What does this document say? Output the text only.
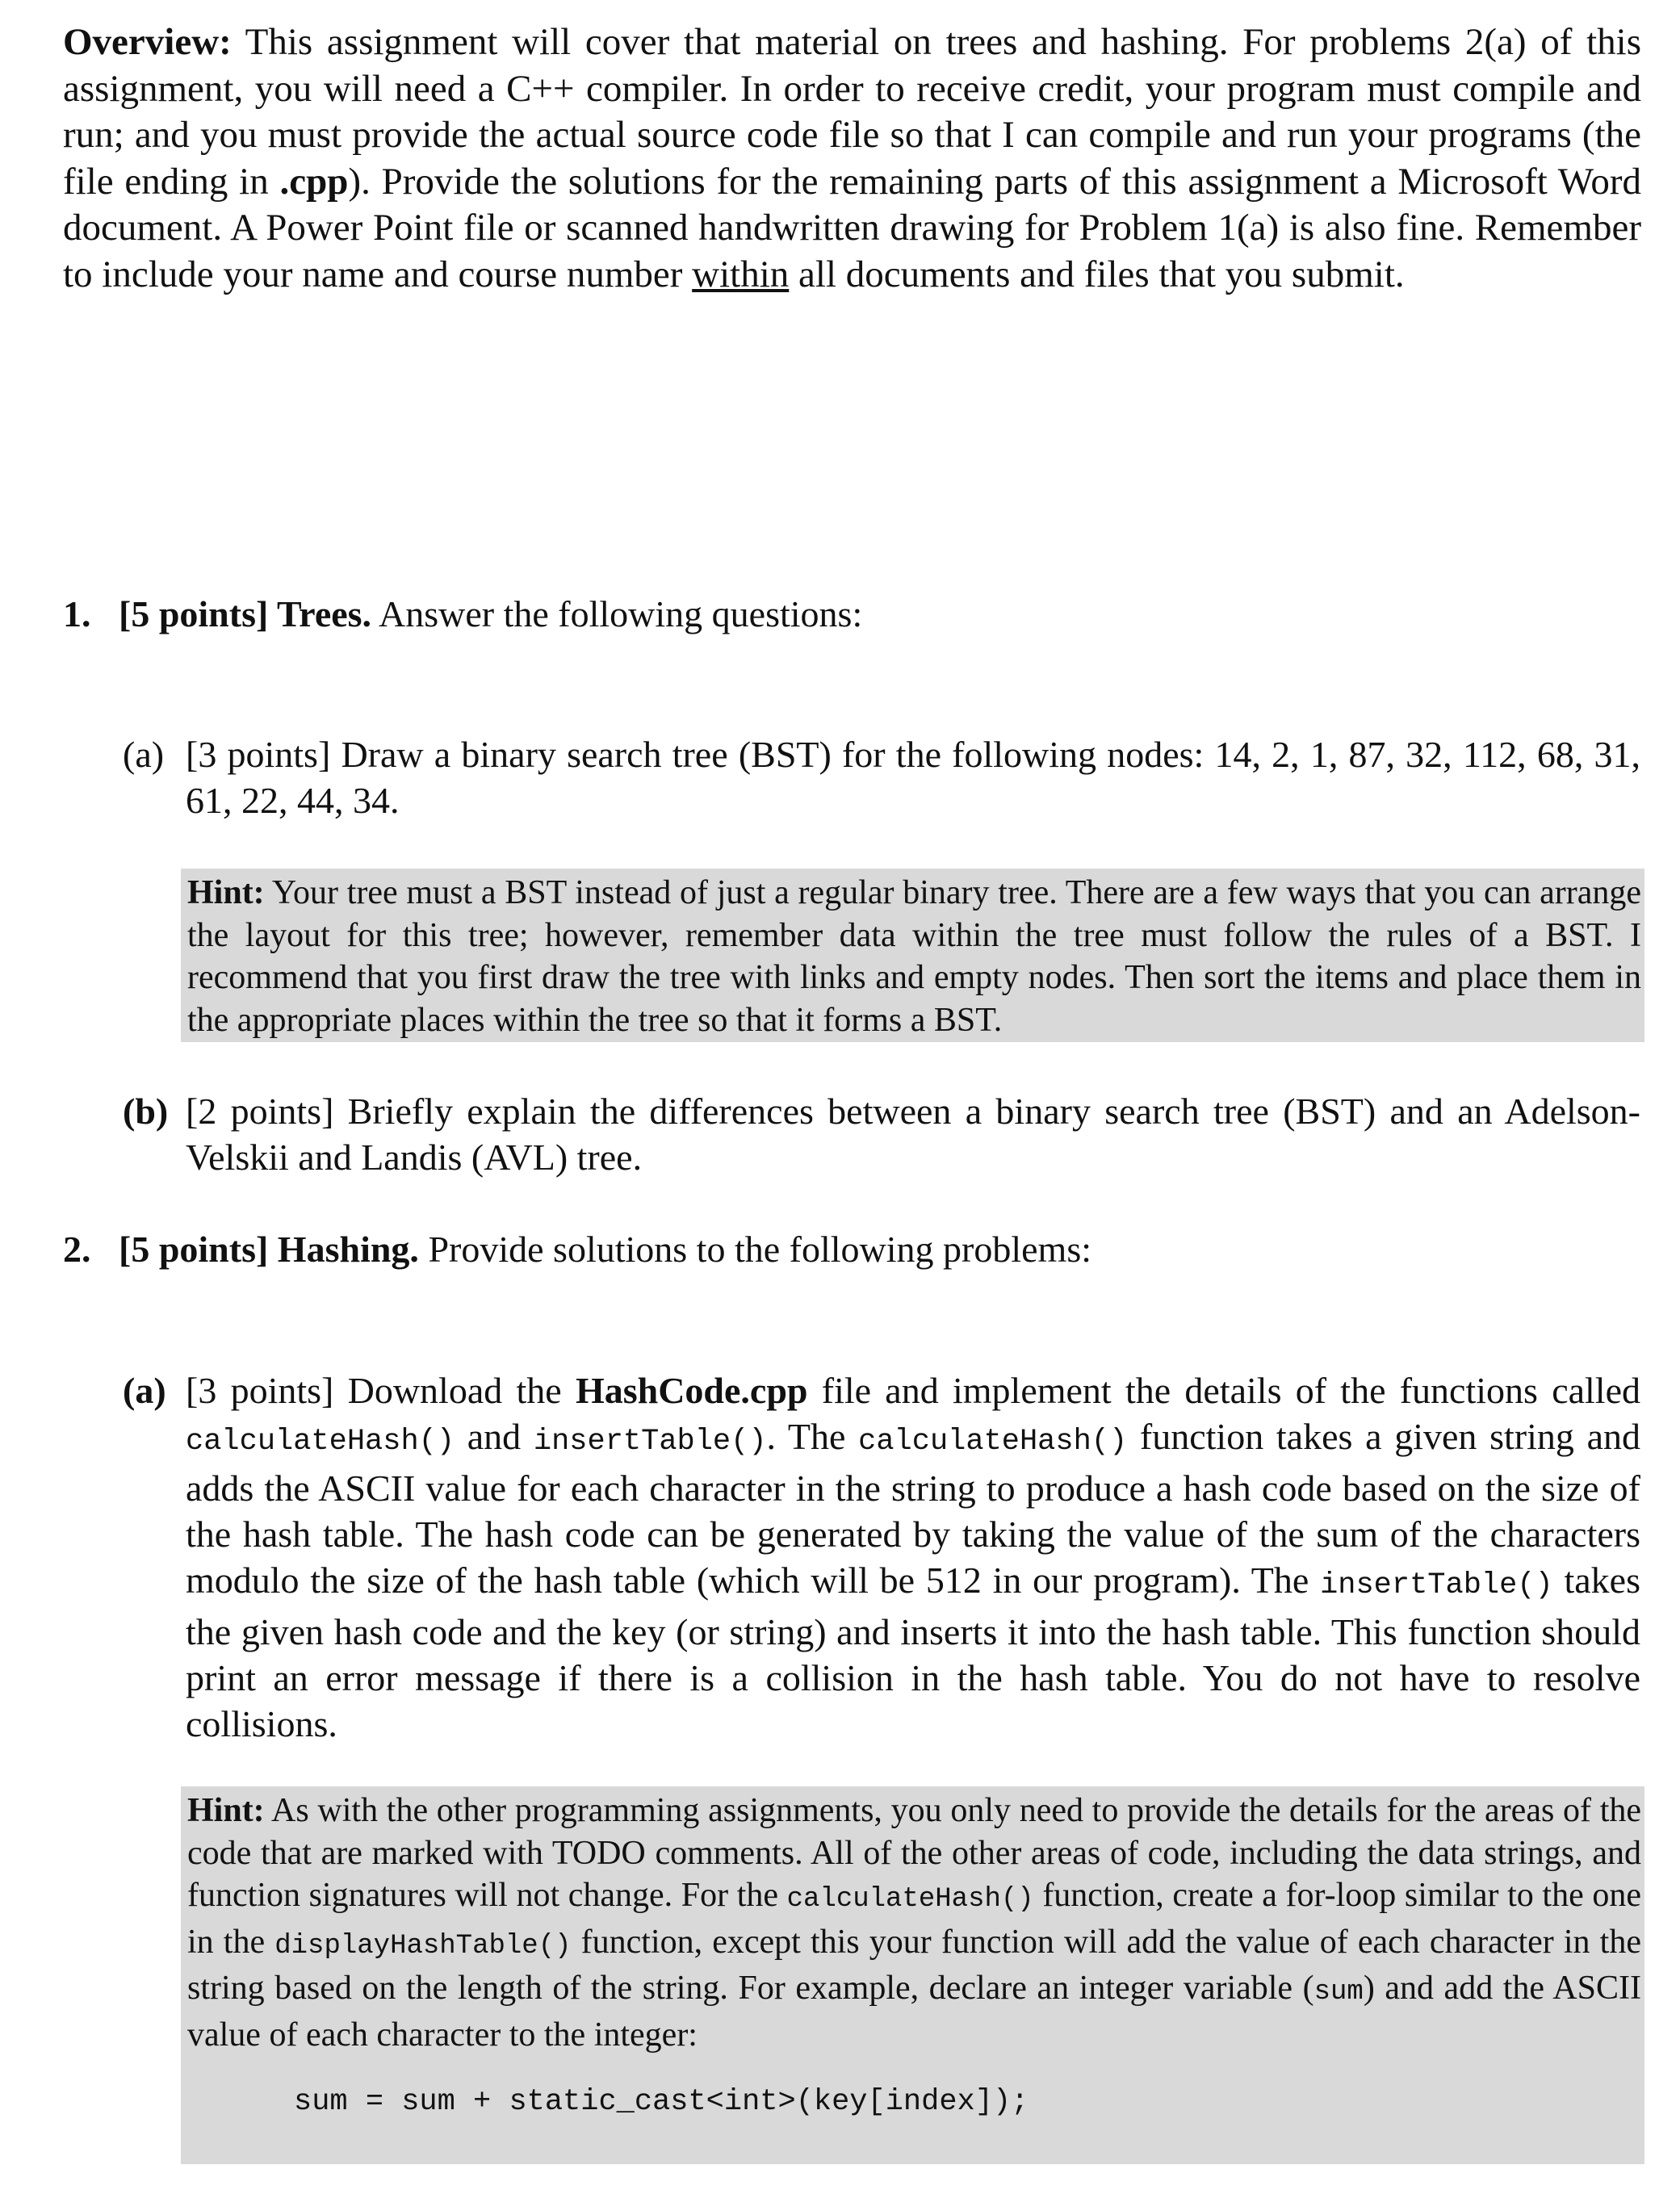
Overview: This assignment will cover that material on trees and hashing. For problems 2(a) of this assignment, you will need a C++ compiler. In order to receive credit, your program must compile and run; and you must provide the actual source code file so that I can compile and run your programs (the file ending in .cpp). Provide the solutions for the remaining parts of this assignment a Microsoft Word document. A Power Point file or scanned handwritten drawing for Problem 1(a) is also fine. Remember to include your name and course number within all documents and files that you submit.
1. [5 points] Trees. Answer the following questions:
(a) [3 points] Draw a binary search tree (BST) for the following nodes: 14, 2, 1, 87, 32, 112, 68, 31, 61, 22, 44, 34.
Hint: Your tree must a BST instead of just a regular binary tree. There are a few ways that you can arrange the layout for this tree; however, remember data within the tree must follow the rules of a BST. I recommend that you first draw the tree with links and empty nodes. Then sort the items and place them in the appropriate places within the tree so that it forms a BST.
(b) [2 points] Briefly explain the differences between a binary search tree (BST) and an Adelson-Velskii and Landis (AVL) tree.
2. [5 points] Hashing. Provide solutions to the following problems:
(a) [3 points] Download the HashCode.cpp file and implement the details of the functions called calculateHash() and insertTable(). The calculateHash() function takes a given string and adds the ASCII value for each character in the string to produce a hash code based on the size of the hash table. The hash code can be generated by taking the value of the sum of the characters modulo the size of the hash table (which will be 512 in our program). The insertTable() takes the given hash code and the key (or string) and inserts it into the hash table. This function should print an error message if there is a collision in the hash table. You do not have to resolve collisions.
Hint: As with the other programming assignments, you only need to provide the details for the areas of the code that are marked with TODO comments. All of the other areas of code, including the data strings, and function signatures will not change. For the calculateHash() function, create a for-loop similar to the one in the displayHashTable() function, except this your function will add the value of each character in the string based on the length of the string. For example, declare an integer variable (sum) and add the ASCII value of each character to the integer:
sum = sum + static_cast<int>(key[index]);
